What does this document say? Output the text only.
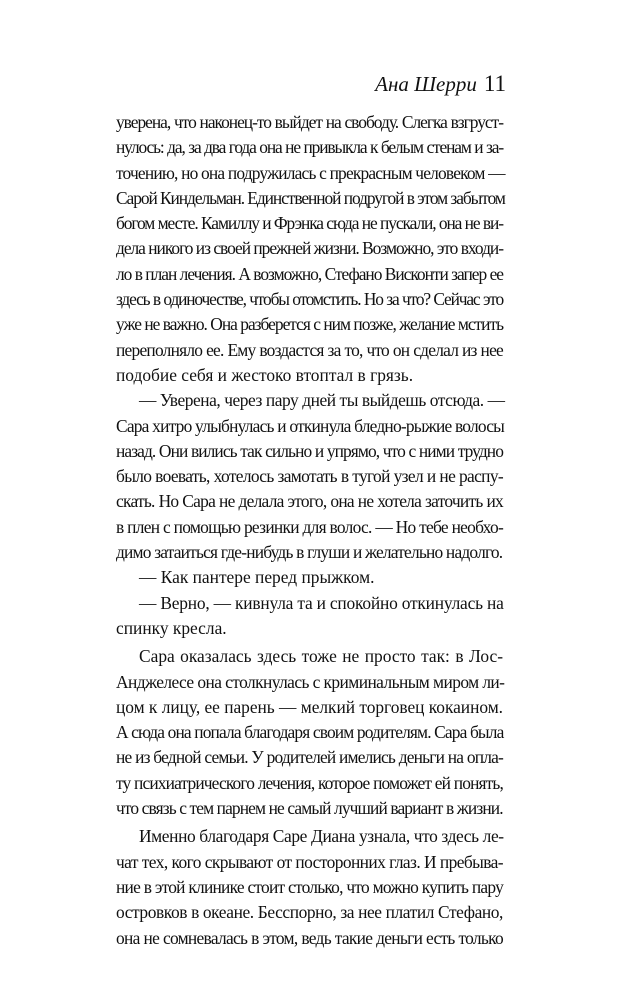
Ана Шерри 11
уверена, что наконец-то выйдет на свободу. Слегка взгруст-
нулось: да, за два года она не привыкла к белым стенам и за-
точению, но она подружилась с прекрасным человеком —
Сарой Киндельман. Единственной подругой в этом забытом
богом месте. Камиллу и Фрэнка сюда не пускали, она не ви-
дела никого из своей прежней жизни. Возможно, это входи-
ло в план лечения. А возможно, Стефано Висконти запер ее
здесь в одиночестве, чтобы отомстить. Но за что? Сейчас это
уже не важно. Она разберется с ним позже, желание мстить
переполняло ее. Ему воздастся за то, что он сделал из нее
подобие себя и жестоко втоптал в грязь.
— Уверена, через пару дней ты выйдешь отсюда. —
Сара хитро улыбнулась и откинула бледно-рыжие волосы
назад. Они вились так сильно и упрямо, что с ними трудно
было воевать, хотелось замотать в тугой узел и не распу-
скать. Но Сара не делала этого, она не хотела заточить их
в плен с помощью резинки для волос. — Но тебе необхо-
димо затаиться где-нибудь в глуши и желательно надолго.
— Как пантере перед прыжком.
— Верно, — кивнула та и спокойно откинулась на
спинку кресла.
Сара оказалась здесь тоже не просто так: в Лос-
Анджелесе она столкнулась с криминальным миром ли-
цом к лицу, ее парень — мелкий торговец кокаином.
А сюда она попала благодаря своим родителям. Сара была
не из бедной семьи. У родителей имелись деньги на опла-
ту психиатрического лечения, которое поможет ей понять,
что связь с тем парнем не самый лучший вариант в жизни.
Именно благодаря Саре Диана узнала, что здесь ле-
чат тех, кого скрывают от посторонних глаз. И пребыва-
ние в этой клинике стоит столько, что можно купить пару
островков в океане. Бесспорно, за нее платил Стефано,
она не сомневалась в этом, ведь такие деньги есть только
